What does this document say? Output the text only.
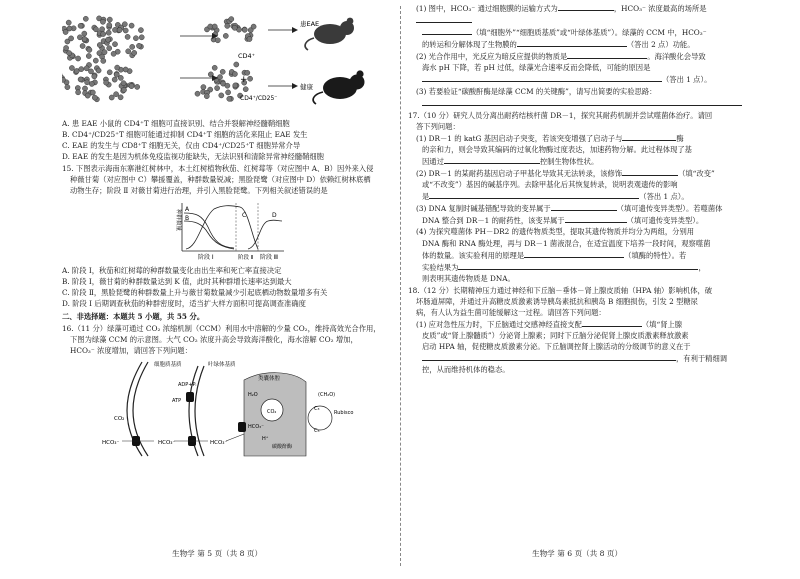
CD4⁺
CD4⁺/CD25⁻
+
患EAE
健康

A. 患 EAE 小鼠的 CD4⁺T 细胞可直接识别、结合并裂解神经髓鞘细胞

B. CD4⁺/CD25⁺T 细胞可能通过抑制 CD4⁺T 细胞的活化来阻止 EAE 发生

C. EAE 的发生与 CD8⁺T 细胞无关，仅由 CD4⁺/CD25⁺T 细胞异常介导

D. EAE 的发生是因为机体免疫监视功能缺失，无法识别和清除异常神经髓鞘细胞

15. 下图表示海南东寨港红树林中，本土红树植物秋茄、红树莓等（对应图中 A、B）因外来入侵

种薇甘菊（对应图中 C）攀援覆盖，种群数量锐减；黑脸琵鹭（对应图中 D）依赖红树林底栖

动物生存；阶段 Ⅱ 对薇甘菊进行治理，并引入黑脸琵鹭。下列相关叙述错误的是

A
B	C	D
种群数量
阶段 Ⅰ	阶段 Ⅱ 阶段 Ⅲ

A. 阶段 Ⅰ，秋茄和红树莓的种群数量变化由出生率和死亡率直接决定

B. 阶段 Ⅰ，薇甘菊的种群数量达到 K 值，此时其种群增长速率达到最大

C. 阶段 Ⅱ，黑脸琵鹭的种群数量上升与薇甘菊数量减少引起底栖动物数量增多有关

D. 阶段 Ⅰ 后期调查秋茄的种群密度时，适当扩大样方面积可提高调查准确度

二、非选择题：本题共 5 小题，共 55 分。

16.（11 分）绿藻可通过 CO₂ 浓缩机制（CCM）利用水中溶解的少量 CO₂，维持高效光合作用，

下图为绿藻 CCM 的示意图。大气 CO₂ 浓度升高会导致海洋酸化，海水溶解 CO₂ 增加，

HCO₃⁻ 浓度增加，请回答下列问题：

细胞质基质	叶绿体基质
类囊体腔
ADP+Pᵢ
ATP
H₂O
H⁺
CO₂
CO₂
HCO₃⁻	HCO₃⁻	HCO₃⁻
HCO₃⁻
Rubisco
(CH₂O)
C₃
C₅
碳酸酐酶

生物学 第 5 页（共 8 页）

(1) 图中，HCO₃⁻ 通过细胞膜的运输方式为	，HCO₃⁻ 浓度最高的场所是

（填“细胞外”“细胞质基质”或“叶绿体基质”）。绿藻的 CCM 中，HCO₃⁻

的转运和分解体现了生物膜的	（答出 2 点）功能。

(2) 光合作用中，光反应为暗反应提供的物质是	。海洋酸化会导致

海水 pH 下降，若 pH 过低，绿藻光合速率反而会降低，可能的原因是

（答出 1 点）。

(3) 若要验证“碳酸酐酶是绿藻 CCM 的关键酶”，请写出简要的实验思路：

17.（10 分）研究人员分离出耐药结核杆菌 DR－1，探究其耐药机制并尝试噬菌体治疗。请回

答下列问题：

(1) DR－1 的 katG 基因启动子突变，若该突变增强了启动子与	酶

的亲和力，则会导致其编码的过氧化物酶过度表达，加速药物分解。此过程体现了基

因通过	控制生物体性状。

(2) DR－1 的某耐药基因启动子甲基化导致其无法转录，该修饰	（填“改变”

或“不改变”）基因的碱基序列。去除甲基化后其恢复转录，说明表观遗传的影响

是	（答出 1 点）。

(3) DNA 复制时碱基错配导致的变异属于	（填可遗传变异类型）。若噬菌体

DNA 整合到 DR－1 的耐药性，该变异属于	（填可遗传变异类型）。

(4) 为探究噬菌体 PH－DR2 的遗传物质类型，提取其遗传物质并均分为两组，分别用

DNA 酶和 RNA 酶处理，再与 DR－1 菌液混合，在适宜温度下培养一段时间，观察噬菌

体的数量。该实验利用的原理是	（填酶的特性）。若

实验结果为	，

则表明其遗传物质是 DNA。

18.（12 分）长期精神压力通过神经和下丘脑－垂体－肾上腺皮质轴（HPA 轴）影响机体，破

坏肠道屏障，并通过升高糖皮质激素诱导胰岛素抵抗和胰岛 B 细胞损伤，引发 2 型糖尿

病，有人认为益生菌可能缓解这一过程。请回答下列问题：

(1) 应对急性压力时，下丘脑通过交感神经直接支配	（填“肾上腺

皮质”或“肾上腺髓质”）分泌肾上腺素；同时下丘脑分泌促肾上腺皮质激素释放激素

启动 HPA 轴，促使糖皮质激素分泌。下丘脑调控肾上腺活动的分级调节的意义在于

，有利于精细调

控，从而维持机体的稳态。

生物学 第 6 页（共 8 页）
